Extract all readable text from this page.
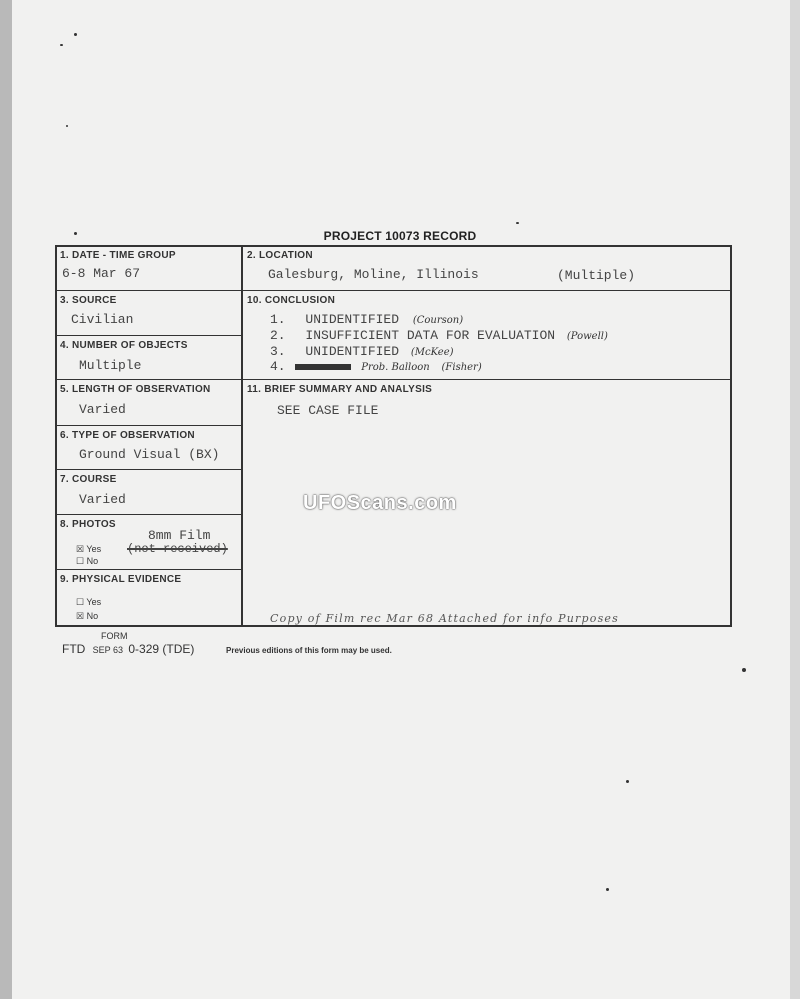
PROJECT 10073 RECORD
1. DATE - TIME GROUP
6-8 Mar 67
2. LOCATION
Galesburg, Moline, Illinois	(Multiple)
3. SOURCE
Civilian
4. NUMBER OF OBJECTS
Multiple
5. LENGTH OF OBSERVATION
Varied
6. TYPE OF OBSERVATION
Ground Visual (BX)
7. COURSE
Varied
8. PHOTOS
8mm Film
☒ Yes (not received)
☐ No
9. PHYSICAL EVIDENCE
☐ Yes
☒ No
10. CONCLUSION
1. UNIDENTIFIED (Courson)
2. INSUFFICIENT DATA FOR EVALUATION (Powell)
3. UNIDENTIFIED (McKee)
4.	Prob. Balloon (Fisher)
11. BRIEF SUMMARY AND ANALYSIS
SEE CASE FILE
Copy of Film rec Mar 68 Attached for info Purposes
UFOScans.com
FORM
FTD SEP 63 0-329 (TDE)	Previous editions of this form may be used.
